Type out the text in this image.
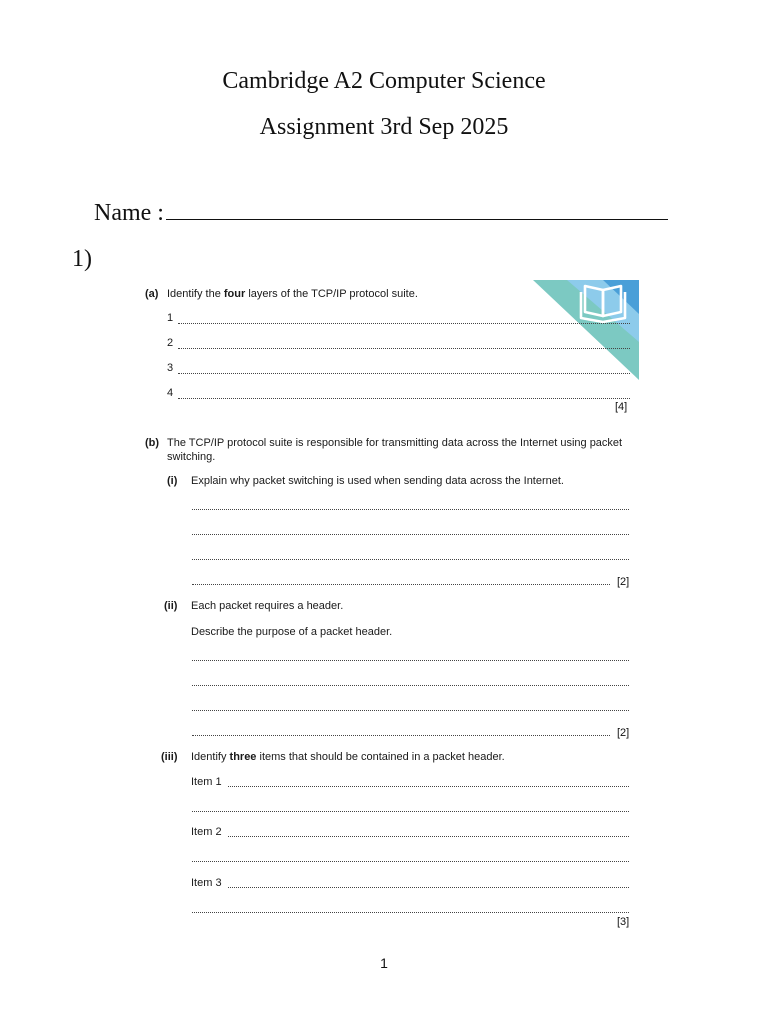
Cambridge A2 Computer Science
Assignment 3rd Sep 2025
Name :
1)
(a) Identify the four layers of the TCP/IP protocol suite.
1
2
3
4
[4]
(b) The TCP/IP protocol suite is responsible for transmitting data across the Internet using packet
switching.
(i) Explain why packet switching is used when sending data across the Internet.
[2]
(ii) Each packet requires a header.
Describe the purpose of a packet header.
[2]
(iii) Identify three items that should be contained in a packet header.
Item 1
Item 2
Item 3
[3]
1
